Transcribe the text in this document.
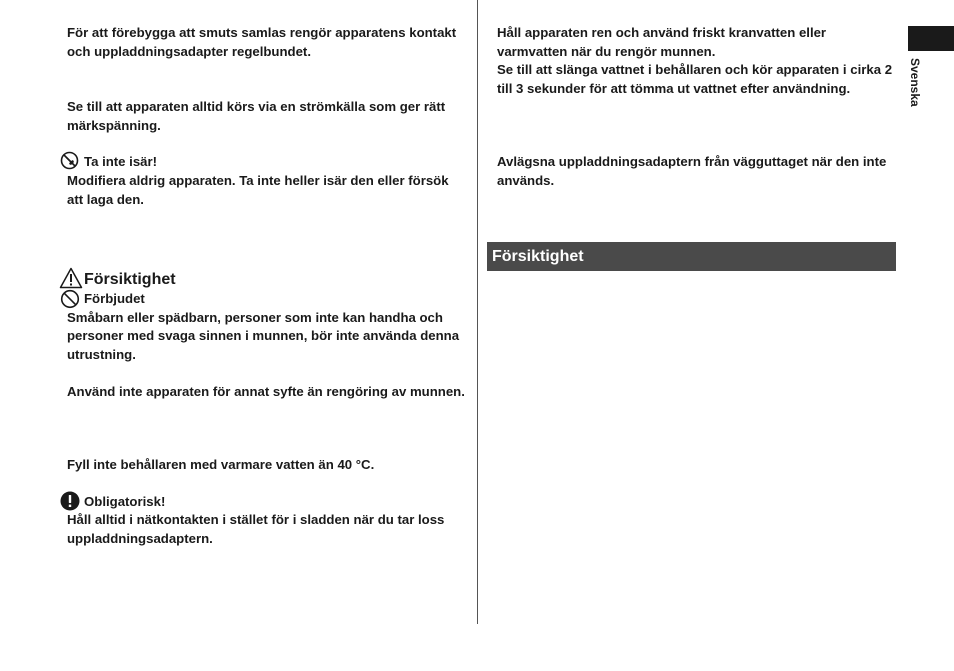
Svenska

För att förebygga att smuts samlas rengör apparatens kontakt och uppladdningsadapter regelbundet.

Se till att apparaten alltid körs via en strömkälla som ger rätt märkspänning.

Ta inte isär!

Modifiera aldrig apparaten. Ta inte heller isär den eller försök att laga den.

Försiktighet
Förbjudet

Småbarn eller spädbarn, personer som inte kan handha och personer med svaga sinnen i munnen, bör inte använda denna utrustning.

Använd inte apparaten för annat syfte än rengöring av munnen.

Fyll inte behållaren med varmare vatten än 40 °C.

Obligatorisk!

Håll alltid i nätkontakten i stället för i sladden när du tar loss uppladdningsadaptern.

Håll apparaten ren och använd friskt kranvatten eller varmvatten när du rengör munnen.

Se till att slänga vattnet i behållaren och kör apparaten i cirka 2 till 3 sekunder för att tömma ut vattnet efter användning.

Avlägsna uppladdningsadaptern från vägguttaget när den inte används.

Försiktighet
